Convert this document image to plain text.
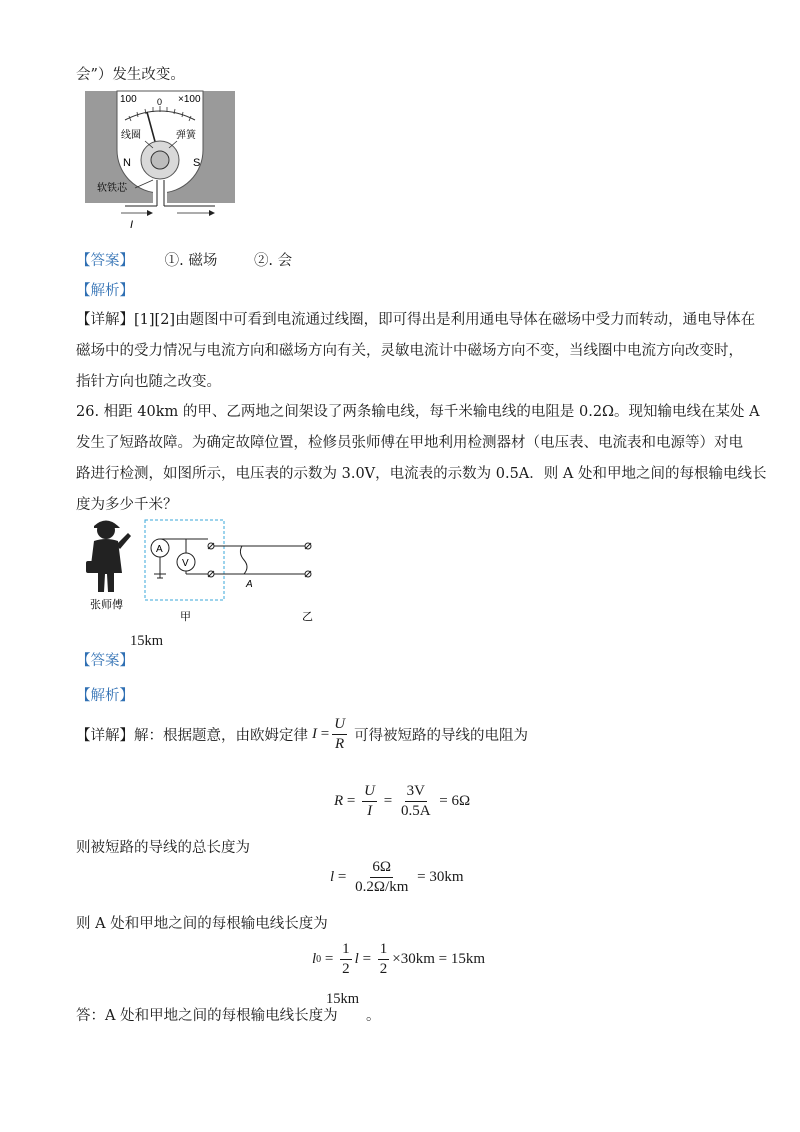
会”）发生改变。
100	×100
0
线圈	弹簧
N	S
软铁芯
I
【答案】 ①. 磁场	②. 会
【解析】
【详解】[1][2]由题图中可看到电流通过线圈，即可得出是利用通电导体在磁场中受力而转动，通电导体在
磁场中的受力情况与电流方向和磁场方向有关，灵敏电流计中磁场方向不变，当线圈中电流方向改变时，
指针方向也随之改变。
26. 相距 40km 的甲、乙两地之间架设了两条输电线，每千米输电线的电阻是 0.2Ω。现知输电线在某处 A
发生了短路故障。为确定故障位置，检修员张师傅在甲地利用检测器材（电压表、电流表和电源等）对电
路进行检测，如图所示，电压表的示数为 3.0V，电流表的示数为 0.5A．则 A 处和甲地之间的每根输电线长
度为多少千米？
张师傅
A
V
A
甲	乙
15km
【答案】
【解析】
【详解】 解：根据题意，由欧姆定律 $I = \frac{U}{R}$ 可得被短路的导线的电阻为
$R = \frac{U}{I} = \frac{3V}{0.5A} = 6\Omega$
则被短路的导线的总长度为
$l = \frac{6\Omega}{0.2\Omega/km} = 30km$
则 A 处和甲地之间的每根输电线长度为
l $0 = \frac{1}{2}$ $l = \frac{1}{2} \times 30km = 15km$
15km
答：A 处和甲地之间的每根输电线长度为 。
